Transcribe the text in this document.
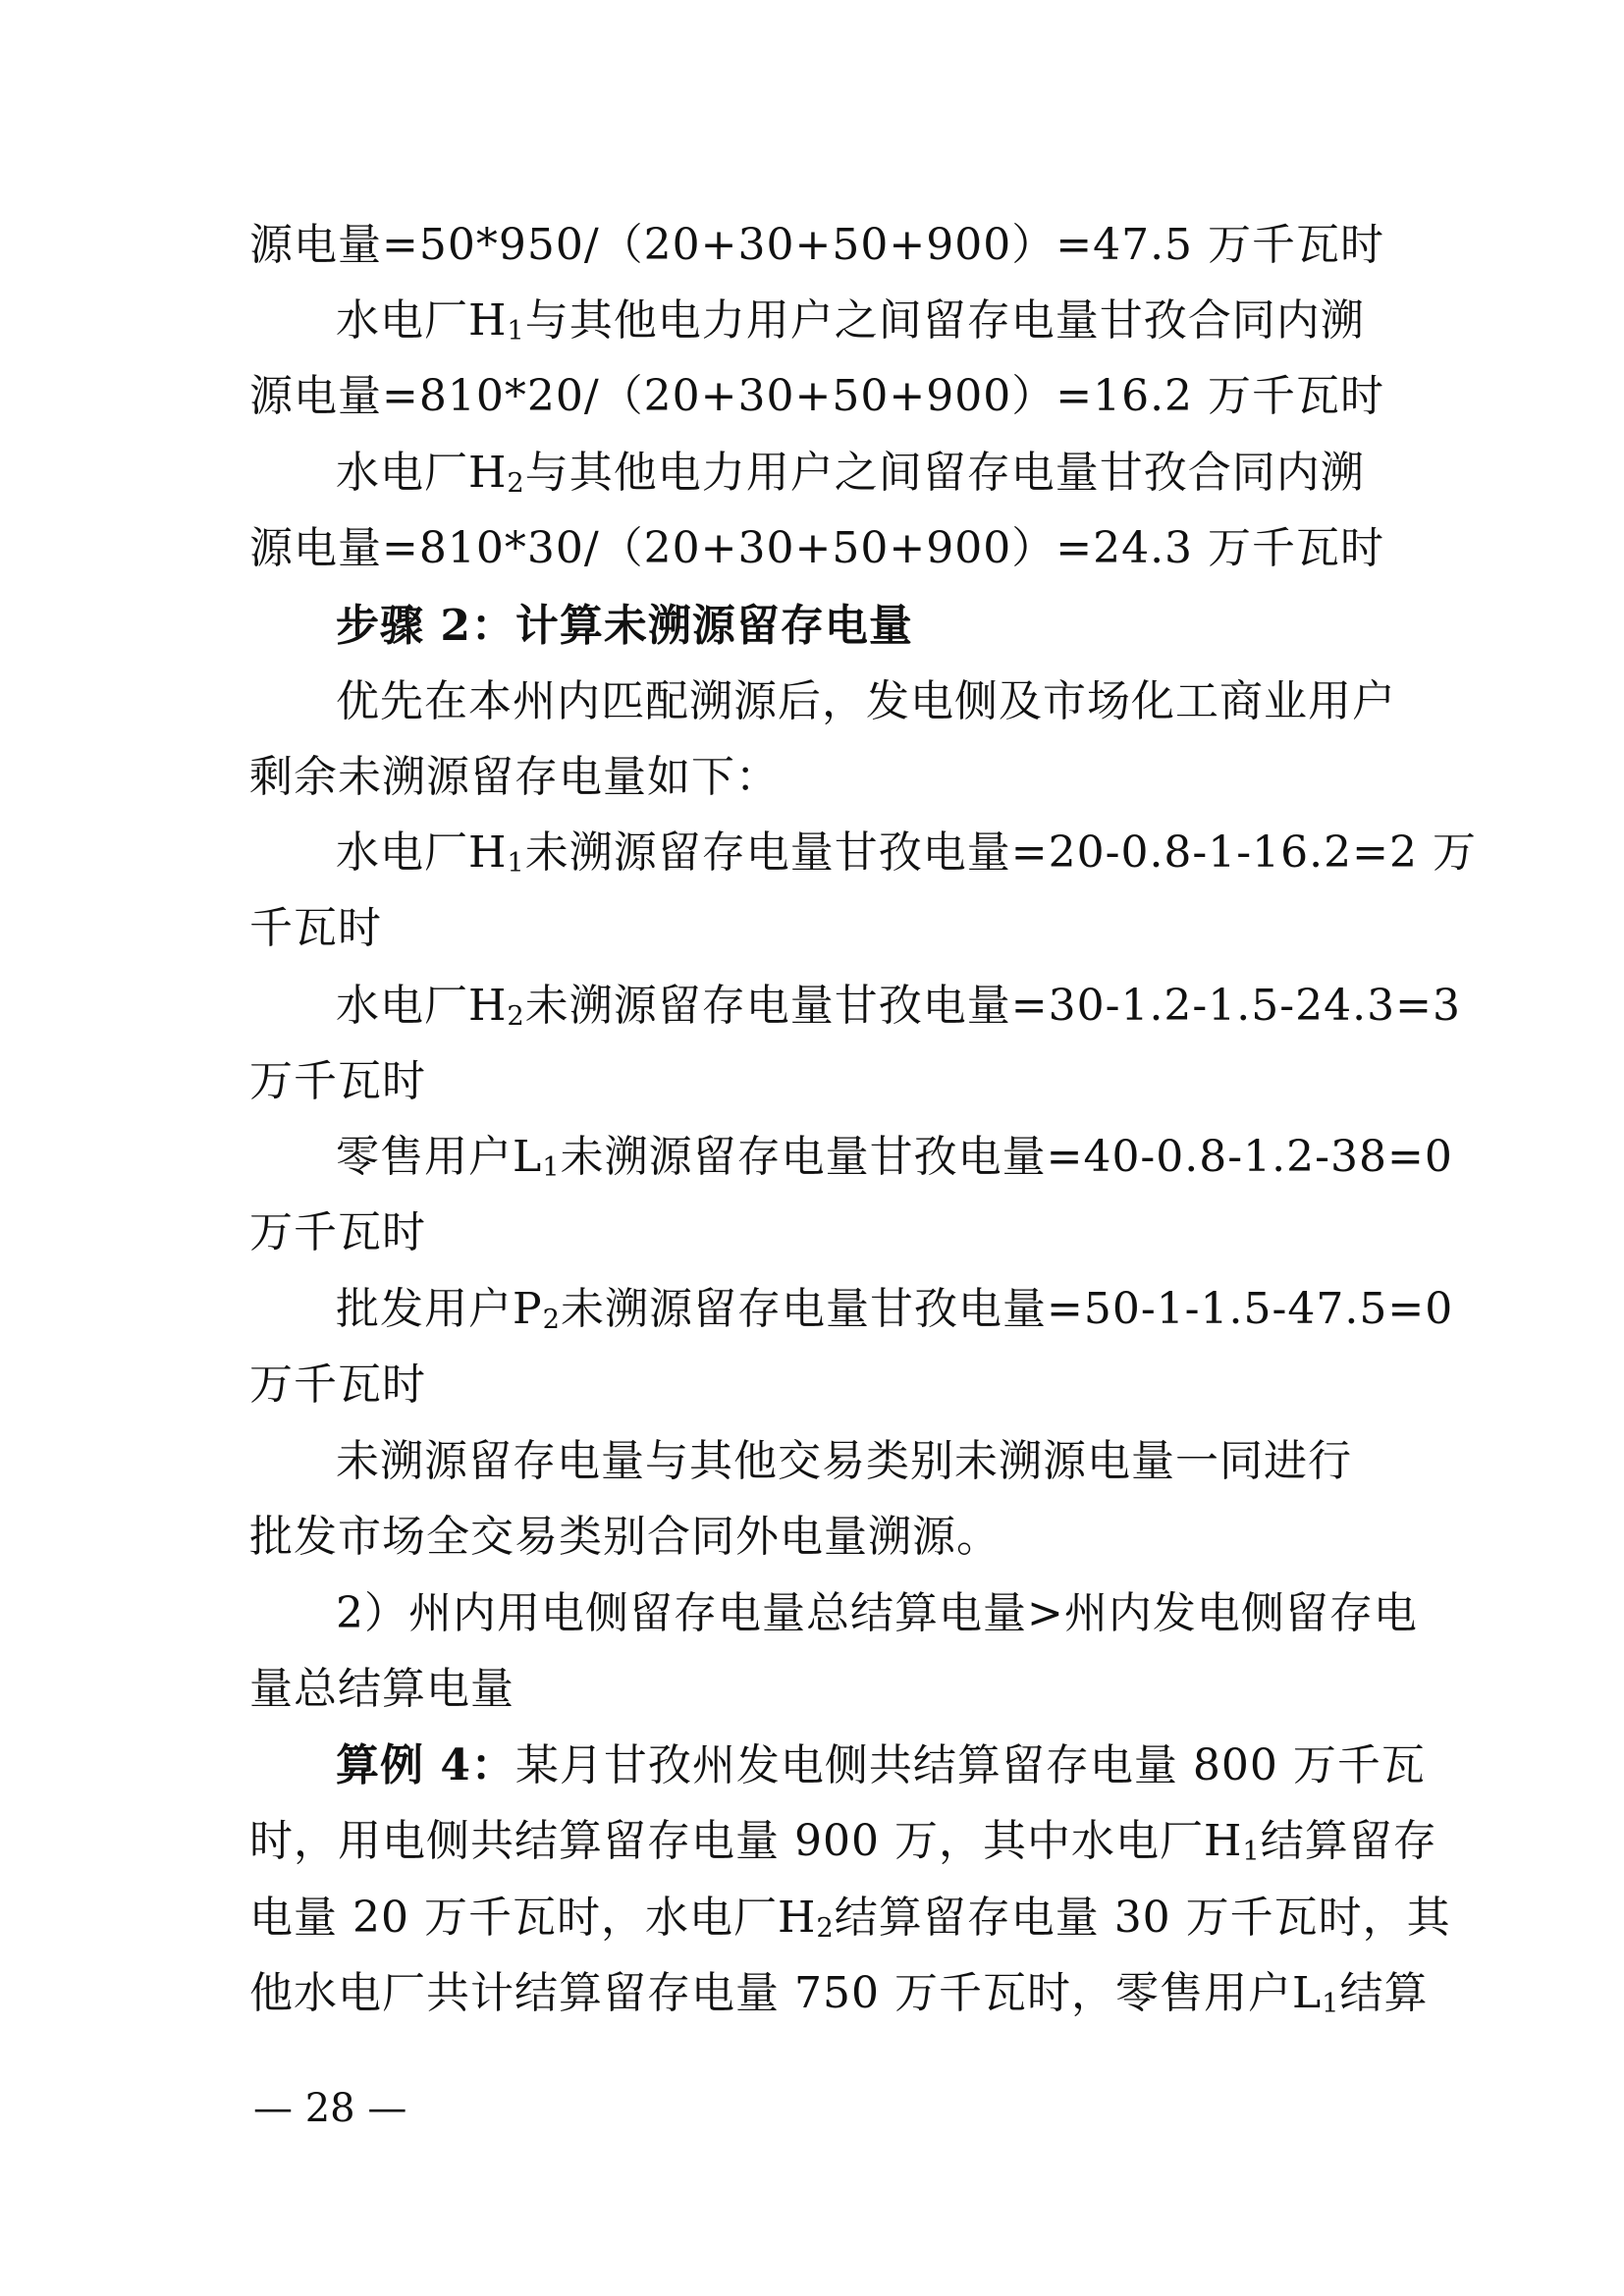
源电量=50*950/（20+30+50+900）=47.5 万千瓦时
水电厂$H_1$与其他电力用户之间留存电量甘孜合同内溯
源电量=810*20/（20+30+50+900）=16.2 万千瓦时
水电厂$H_2$与其他电力用户之间留存电量甘孜合同内溯
源电量=810*30/（20+30+50+900）=24.3 万千瓦时
步骤 2：计算未溯源留存电量
优先在本州内匹配溯源后，发电侧及市场化工商业用户
剩余未溯源留存电量如下：
水电厂$H_1$未溯源留存电量甘孜电量=20-0.8-1-16.2=2 万
千瓦时
水电厂$H_2$未溯源留存电量甘孜电量=30-1.2-1.5-24.3=3
万千瓦时
零售用户$L_1$未溯源留存电量甘孜电量=40-0.8-1.2-38=0
万千瓦时
批发用户$P_2$未溯源留存电量甘孜电量=50-1-1.5-47.5=0
万千瓦时
未溯源留存电量与其他交易类别未溯源电量一同进行
批发市场全交易类别合同外电量溯源。
2）州内用电侧留存电量总结算电量>州内发电侧留存电
量总结算电量
算例 4：某月甘孜州发电侧共结算留存电量 800 万千瓦
时，用电侧共结算留存电量 900 万，其中水电厂$H_1$结算留存
电量 20 万千瓦时，水电厂$H_2$结算留存电量 30 万千瓦时，其
他水电厂共计结算留存电量 750 万千瓦时，零售用户$L_1$结算
— 28 —
